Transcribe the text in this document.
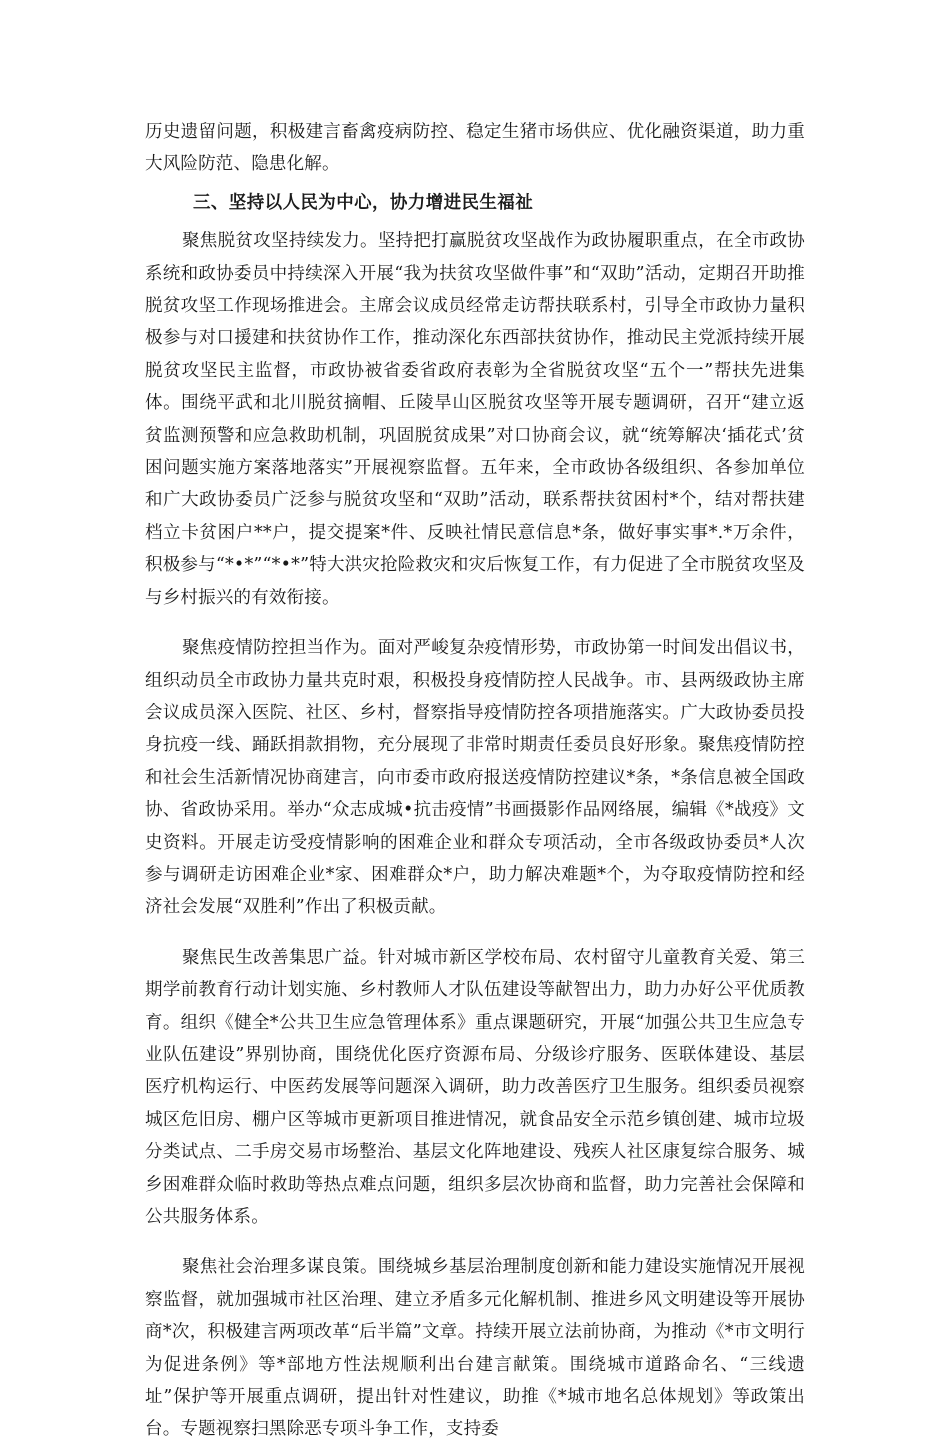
历史遗留问题，积极建言畜禽疫病防控、稳定生猪市场供应、优化融资渠道，助力重大风险防范、隐患化解。

三、坚持以人民为中心，协力增进民生福祉

聚焦脱贫攻坚持续发力。坚持把打赢脱贫攻坚战作为政协履职重点，在全市政协系统和政协委员中持续深入开展“我为扶贫攻坚做件事”和“双助”活动，定期召开助推脱贫攻坚工作现场推进会。主席会议成员经常走访帮扶联系村，引导全市政协力量积极参与对口援建和扶贫协作工作，推动深化东西部扶贫协作，推动民主党派持续开展脱贫攻坚民主监督，市政协被省委省政府表彰为全省脱贫攻坚“五个一”帮扶先进集体。围绕平武和北川脱贫摘帽、丘陵旱山区脱贫攻坚等开展专题调研，召开“建立返贫监测预警和应急救助机制，巩固脱贫成果”对口协商会议，就“统筹解决‘插花式’贫困问题实施方案落地落实”开展视察监督。五年来，全市政协各级组织、各参加单位和广大政协委员广泛参与脱贫攻坚和“双助”活动，联系帮扶贫困村*个，结对帮扶建档立卡贫困户**户，提交提案*件、反映社情民意信息*条，做好事实事*.*万余件，积极参与“*•*”“*•*”特大洪灾抢险救灾和灾后恢复工作，有力促进了全市脱贫攻坚及与乡村振兴的有效衔接。

聚焦疫情防控担当作为。面对严峻复杂疫情形势，市政协第一时间发出倡议书，组织动员全市政协力量共克时艰，积极投身疫情防控人民战争。市、县两级政协主席会议成员深入医院、社区、乡村，督察指导疫情防控各项措施落实。广大政协委员投身抗疫一线、踊跃捐款捐物，充分展现了非常时期责任委员良好形象。聚焦疫情防控和社会生活新情况协商建言，向市委市政府报送疫情防控建议*条，*条信息被全国政协、省政协采用。举办“众志成城•抗击疫情”书画摄影作品网络展，编辑《*战疫》文史资料。开展走访受疫情影响的困难企业和群众专项活动，全市各级政协委员*人次参与调研走访困难企业*家、困难群众*户，助力解决难题*个，为夺取疫情防控和经济社会发展“双胜利”作出了积极贡献。

聚焦民生改善集思广益。针对城市新区学校布局、农村留守儿童教育关爱、第三期学前教育行动计划实施、乡村教师人才队伍建设等献智出力，助力办好公平优质教育。组织《健全*公共卫生应急管理体系》重点课题研究，开展“加强公共卫生应急专业队伍建设”界别协商，围绕优化医疗资源布局、分级诊疗服务、医联体建设、基层医疗机构运行、中医药发展等问题深入调研，助力改善医疗卫生服务。组织委员视察城区危旧房、棚户区等城市更新项目推进情况，就食品安全示范乡镇创建、城市垃圾分类试点、二手房交易市场整治、基层文化阵地建设、残疾人社区康复综合服务、城乡困难群众临时救助等热点难点问题，组织多层次协商和监督，助力完善社会保障和公共服务体系。

聚焦社会治理多谋良策。围绕城乡基层治理制度创新和能力建设实施情况开展视察监督，就加强城市社区治理、建立矛盾多元化解机制、推进乡风文明建设等开展协商*次，积极建言两项改革“后半篇”文章。持续开展立法前协商，为推动《*市文明行为促进条例》等*部地方性法规顺利出台建言献策。围绕城市道路命名、“三线遗址”保护等开展重点调研，提出针对性建议，助推《*城市地名总体规划》等政策出台。专题视察扫黑除恶专项斗争工作，支持委
